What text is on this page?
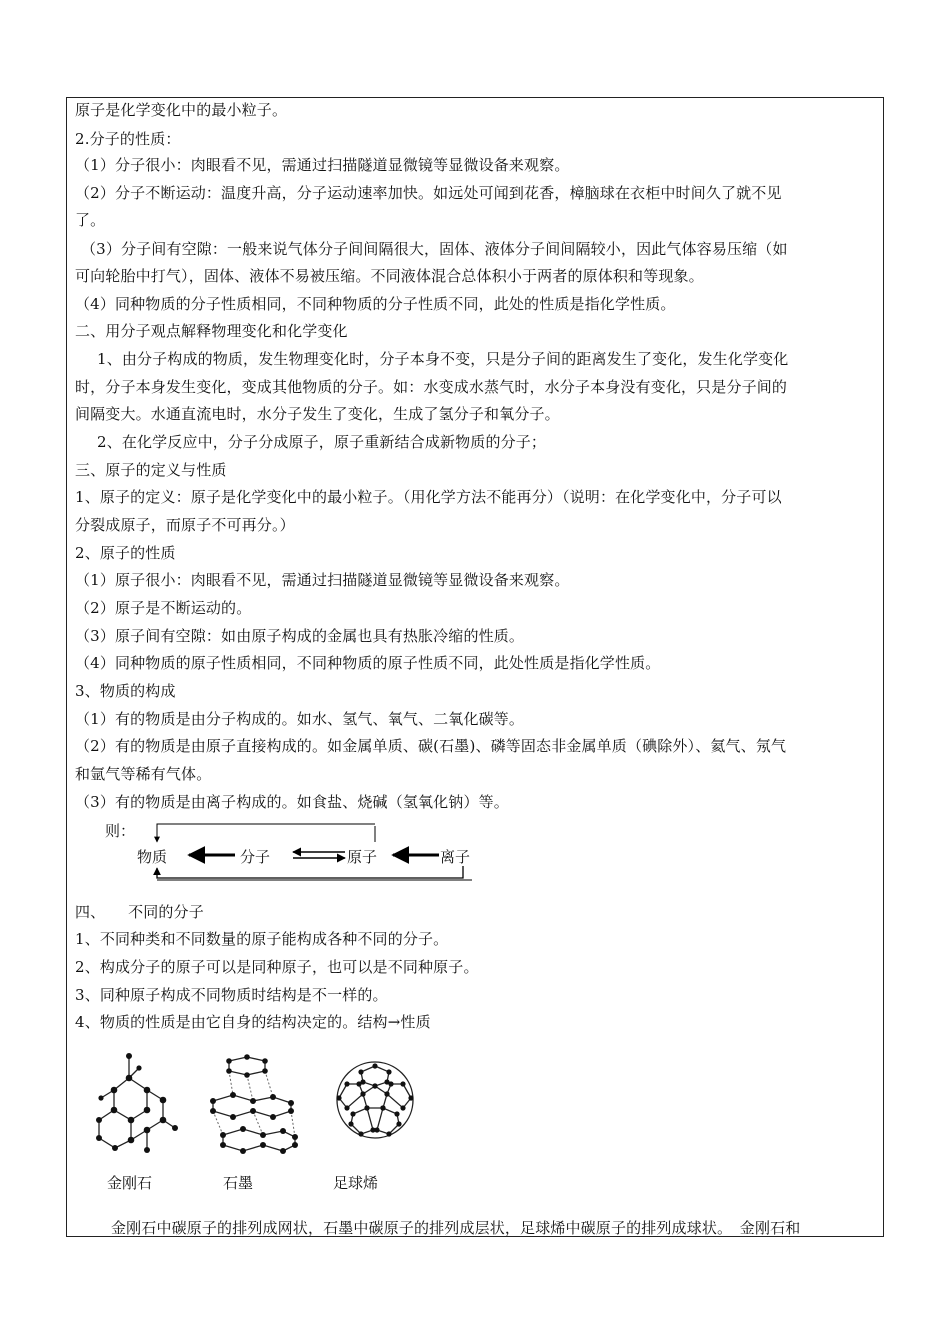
原子是化学变化中的最小粒子。
2.分子的性质：
（1）分子很小：肉眼看不见，需通过扫描隧道显微镜等显微设备来观察。
（2）分子不断运动：温度升高，分子运动速率加快。如远处可闻到花香，樟脑球在衣柜中时间久了就不见
了。
（3）分子间有空隙：一般来说气体分子间间隔很大，固体、液体分子间间隔较小，因此气体容易压缩（如
可向轮胎中打气），固体、液体不易被压缩。不同液体混合总体积小于两者的原体积和等现象。
（4）同种物质的分子性质相同，不同种物质的分子性质不同，此处的性质是指化学性质。
二、用分子观点解释物理变化和化学变化
1、由分子构成的物质，发生物理变化时，分子本身不变，只是分子间的距离发生了变化，发生化学变化
时，分子本身发生变化，变成其他物质的分子。如：水变成水蒸气时，水分子本身没有变化，只是分子间的
间隔变大。水通直流电时，水分子发生了变化，生成了氢分子和氧分子。
2、在化学反应中，分子分成原子，原子重新结合成新物质的分子；
三、原子的定义与性质
1、原子的定义：原子是化学变化中的最小粒子。（用化学方法不能再分）（说明：在化学变化中，分子可以
分裂成原子，而原子不可再分。）
2、原子的性质
（1）原子很小：肉眼看不见，需通过扫描隧道显微镜等显微设备来观察。
（2）原子是不断运动的。
（3）原子间有空隙：如由原子构成的金属也具有热胀冷缩的性质。
（4）同种物质的原子性质相同，不同种物质的原子性质不同，此处性质是指化学性质。
3、物质的构成
（1）有的物质是由分子构成的。如水、氢气、氧气、二氧化碳等。
（2）有的物质是由原子直接构成的。如金属单质、碳(石墨)、磷等固态非金属单质（碘除外）、氦气、氖气
和氩气等稀有气体。
（3）有的物质是由离子构成的。如食盐、烧碱（氢氧化钠）等。
则：
物质	分子	原子	离子
四、　　不同的分子
1、不同种类和不同数量的原子能构成各种不同的分子。
2、构成分子的原子可以是同种原子，也可以是不同种原子。
3、同种原子构成不同物质时结构是不一样的。
4、物质的性质是由它自身的结构决定的。结构→性质
金刚石	石墨	足球烯
金刚石中碳原子的排列成网状，石墨中碳原子的排列成层状，足球烯中碳原子的排列成球状。　金刚石和
